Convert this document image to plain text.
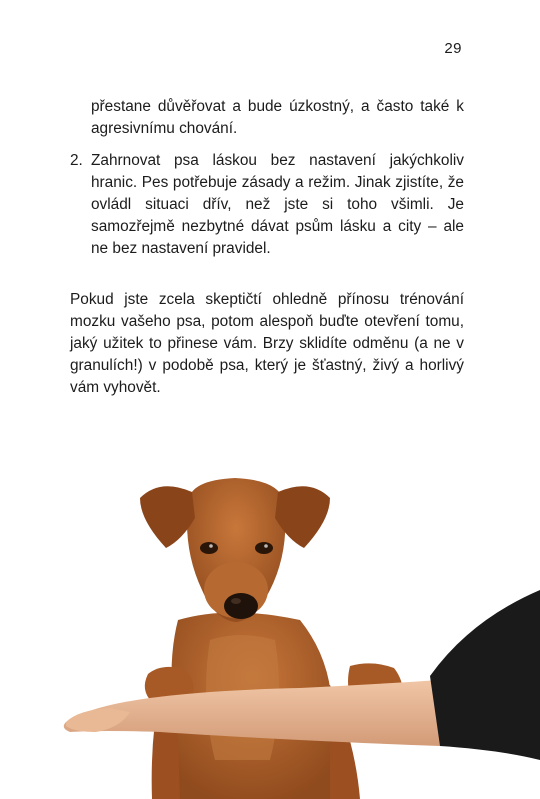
29
přestane důvěřovat a bude úzkostný, a často také k agresivnímu chování.
2. Zahrnovat psa láskou bez nastavení jakýchkoliv hranic. Pes potřebuje zásady a režim. Jinak zjistíte, že ovládl situaci dřív, než jste si toho všimli. Je samozřejmě nezbytné dávat psům lásku a city – ale ne bez nastavení pravidel.
Pokud jste zcela skeptičtí ohledně přínosu trénování mozku vašeho psa, potom alespoň buďte otevření tomu, jaký užitek to přinese vám. Brzy sklidíte odměnu (a ne v granulích!) v podobě psa, který je šťastný, živý a horlivý vám vyhovět.
